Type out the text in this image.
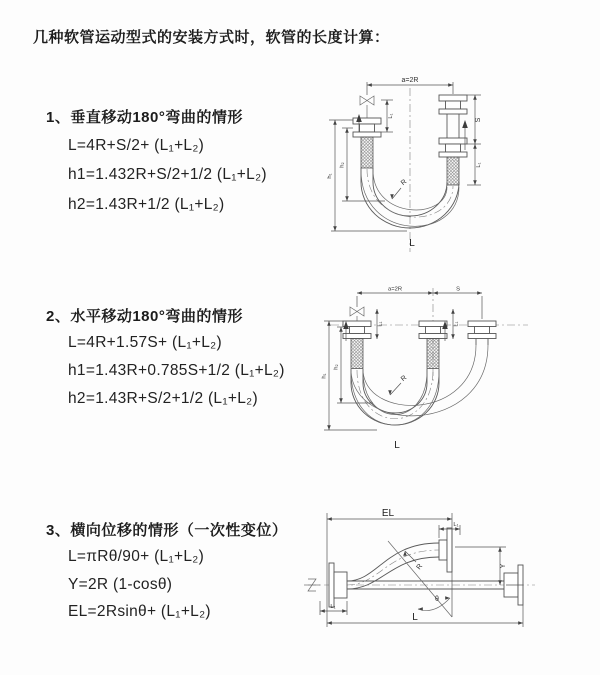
几种软管运动型式的安装方式时，软管的长度计算：
1、垂直移动180°弯曲的情形
L=4R+S/2+ (L₁+L₂)
h1=1.432R+S/2+1/2 (L₁+L₂)
h2=1.43R+1/2 (L₁+L₂)
2、水平移动180°弯曲的情形
L=4R+1.57S+ (L₁+L₂)
h1=1.43R+0.785S+1/2 (L₁+L₂)
h2=1.43R+S/2+1/2 (L₁+L₂)
3、横向位移的情形（一次性变位）
L=πRθ/90+ (L₁+L₂)
Y=2R (1-cosθ)
EL=2Rsinθ+ (L₁+L₂)
a=2R
h₁
h₂
L₁
S
L₁
R
L
a=2R	S
h₁
h₂
L₁	L₁
R
L
EL
L₁
Y
θ
R
L₁
L
